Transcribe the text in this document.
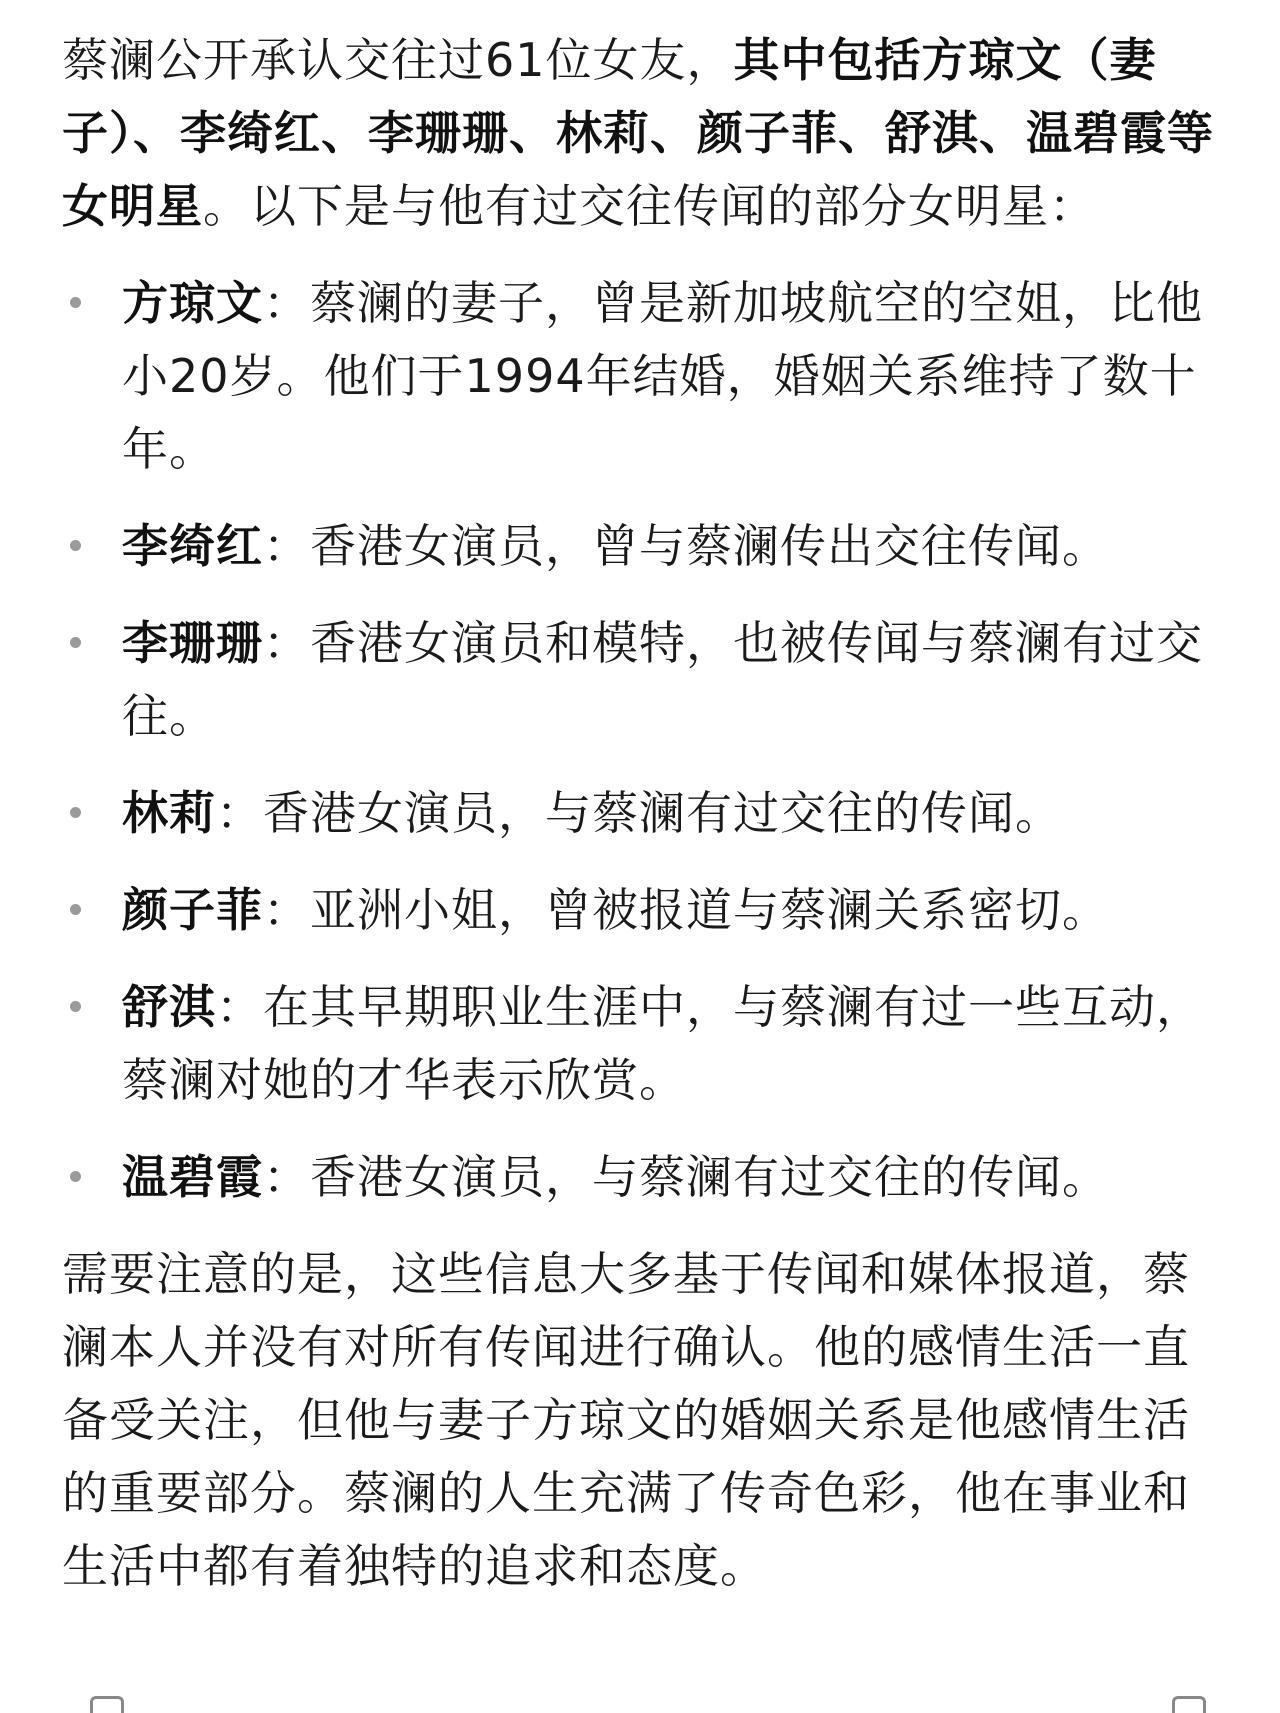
蔡澜公开承认交往过61位女友，其中包括方琼文（妻子）、李绮红、李珊珊、林莉、颜子菲、舒淇、温碧霞等女明星。以下是与他有过交往传闻的部分女明星：

方琼文：蔡澜的妻子，曾是新加坡航空的空姐，比他小20岁。他们于1994年结婚，婚姻关系维持了数十年。
李绮红：香港女演员，曾与蔡澜传出交往传闻。
李珊珊：香港女演员和模特，也被传闻与蔡澜有过交往。
林莉：香港女演员，与蔡澜有过交往的传闻。
颜子菲：亚洲小姐，曾被报道与蔡澜关系密切。
舒淇：在其早期职业生涯中，与蔡澜有过一些互动，蔡澜对她的才华表示欣赏。
温碧霞：香港女演员，与蔡澜有过交往的传闻。

需要注意的是，这些信息大多基于传闻和媒体报道，蔡澜本人并没有对所有传闻进行确认。他的感情生活一直备受关注，但他与妻子方琼文的婚姻关系是他感情生活的重要部分。蔡澜的人生充满了传奇色彩，他在事业和生活中都有着独特的追求和态度。
